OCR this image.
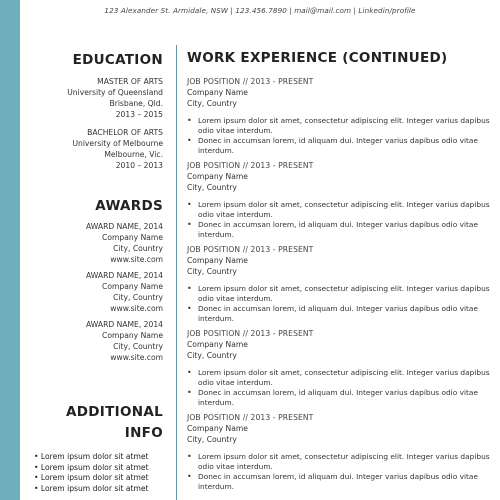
123 Alexander St. Armidale, NSW | 123.456.7890 | mail@mail.com | Linkedin/profile
EDUCATION
MASTER OF ARTS
University of Queensland
Brisbane, Qld.
2013 – 2015
BACHELOR OF ARTS
University of Melbourne
Melbourne, Vic.
2010 – 2013
AWARDS
AWARD NAME, 2014
Company Name
City, Country
www.site.com
AWARD NAME, 2014
Company Name
City, Country
www.site.com
AWARD NAME, 2014
Company Name
City, Country
www.site.com
ADDITIONAL
INFO
• Lorem ipsum dolor sit atmet
• Lorem ipsum dolor sit atmet
• Lorem ipsum dolor sit atmet
• Lorem ipsum dolor sit atmet
WORK EXPERIENCE (CONTINUED)
JOB POSITION // 2013 - PRESENT
Company Name
City, Country
• Lorem ipsum dolor sit amet, consectetur adipiscing elit. Integer varius dapibus odio vitae interdum.
• Donec in accumsan lorem, id aliquam dui. Integer varius dapibus odio vitae interdum.
JOB POSITION // 2013 - PRESENT
Company Name
City, Country
• Lorem ipsum dolor sit amet, consectetur adipiscing elit. Integer varius dapibus odio vitae interdum.
• Donec in accumsan lorem, id aliquam dui. Integer varius dapibus odio vitae interdum.
JOB POSITION // 2013 - PRESENT
Company Name
City, Country
• Lorem ipsum dolor sit amet, consectetur adipiscing elit. Integer varius dapibus odio vitae interdum.
• Donec in accumsan lorem, id aliquam dui. Integer varius dapibus odio vitae interdum.
JOB POSITION // 2013 - PRESENT
Company Name
City, Country
• Lorem ipsum dolor sit amet, consectetur adipiscing elit. Integer varius dapibus odio vitae interdum.
• Donec in accumsan lorem, id aliquam dui. Integer varius dapibus odio vitae interdum.
JOB POSITION // 2013 - PRESENT
Company Name
City, Country
• Lorem ipsum dolor sit amet, consectetur adipiscing elit. Integer varius dapibus odio vitae interdum.
• Donec in accumsan lorem, id aliquam dui. Integer varius dapibus odio vitae interdum.
